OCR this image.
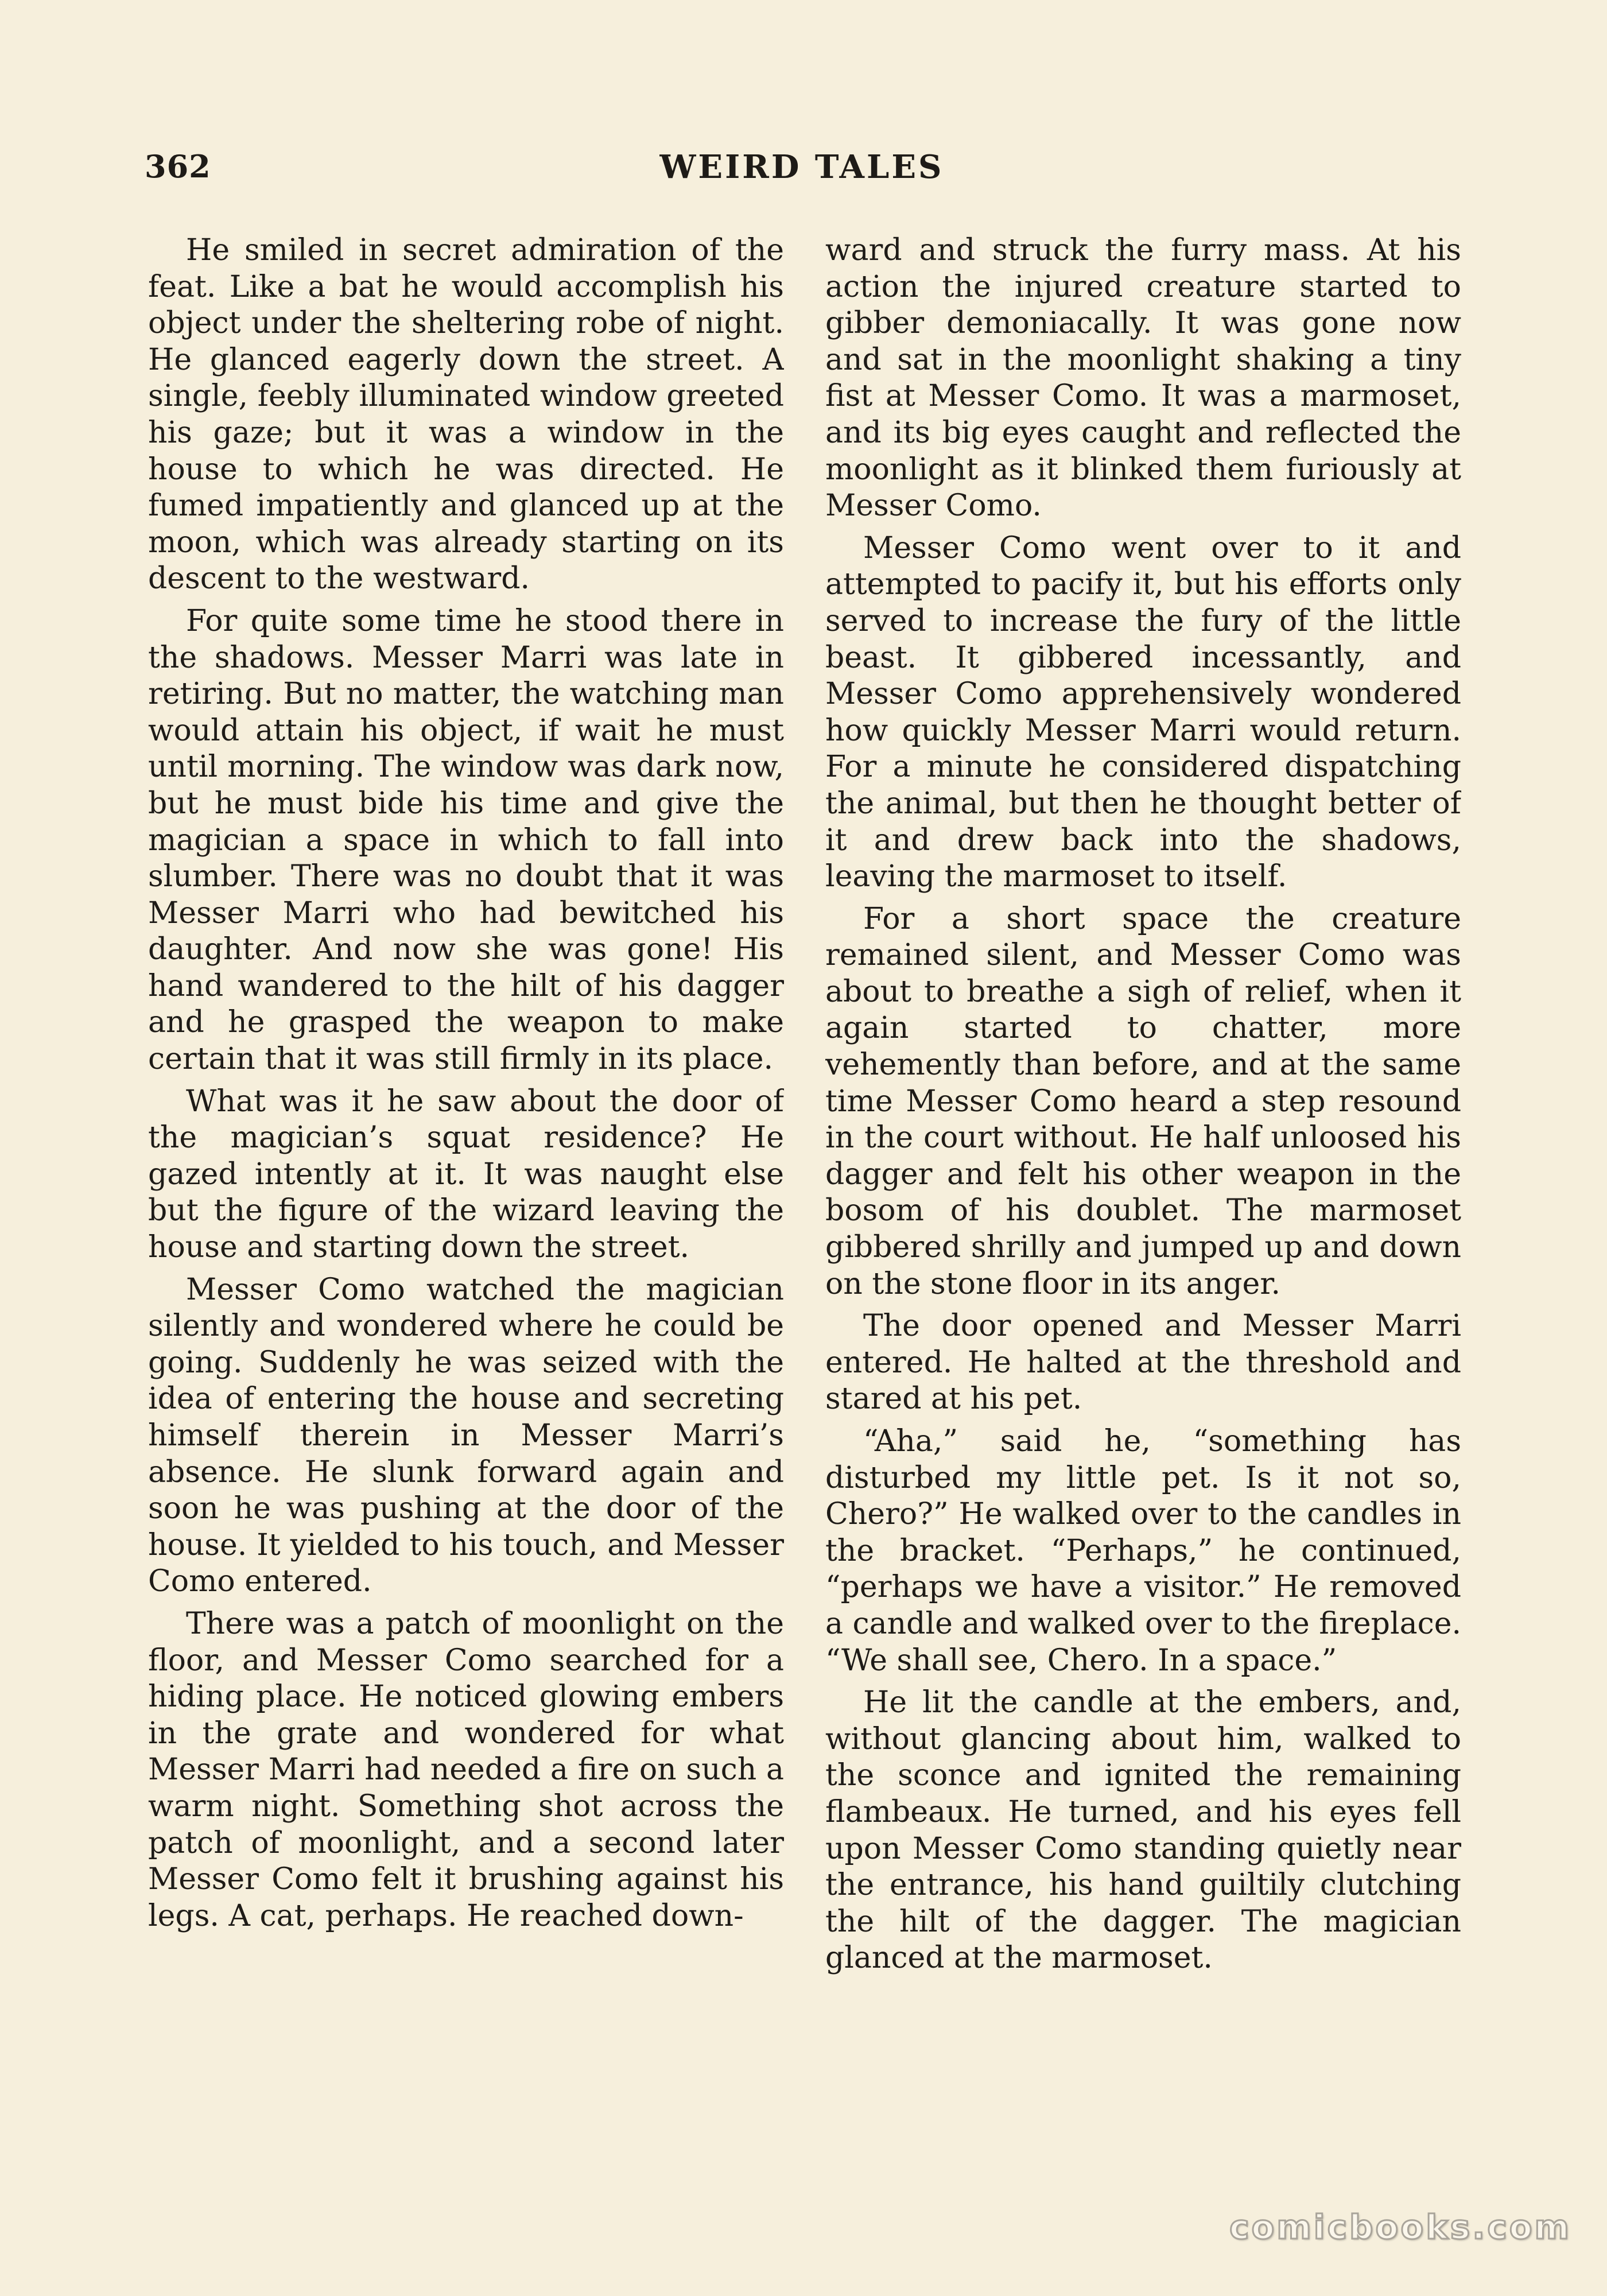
362	WEIRD TALES

He smiled in secret admiration of the feat. Like a bat he would accomplish his object under the sheltering robe of night. He glanced eagerly down the street. A single, feebly illuminated window greeted his gaze; but it was a window in the house to which he was directed. He fumed impatiently and glanced up at the moon, which was already starting on its descent to the westward.

For quite some time he stood there in the shadows. Messer Marri was late in retiring. But no matter, the watching man would attain his object, if wait he must until morning. The window was dark now, but he must bide his time and give the magician a space in which to fall into slumber. There was no doubt that it was Messer Marri who had bewitched his daughter. And now she was gone! His hand wandered to the hilt of his dagger and he grasped the weapon to make certain that it was still firmly in its place.

What was it he saw about the door of the magician’s squat residence? He gazed intently at it. It was naught else but the figure of the wizard leaving the house and starting down the street.

Messer Como watched the magician silently and wondered where he could be going. Suddenly he was seized with the idea of entering the house and secreting himself therein in Messer Marri’s absence. He slunk forward again and soon he was pushing at the door of the house. It yielded to his touch, and Messer Como entered.

There was a patch of moonlight on the floor, and Messer Como searched for a hiding place. He noticed glowing embers in the grate and wondered for what Messer Marri had needed a fire on such a warm night. Something shot across the patch of moonlight, and a second later Messer Como felt it brushing against his legs. A cat, perhaps. He reached down-

ward and struck the furry mass. At his action the injured creature started to gibber demoniacally. It was gone now and sat in the moonlight shaking a tiny fist at Messer Como. It was a marmoset, and its big eyes caught and reflected the moonlight as it blinked them furiously at Messer Como.

Messer Como went over to it and attempted to pacify it, but his efforts only served to increase the fury of the little beast. It gibbered incessantly, and Messer Como apprehensively wondered how quickly Messer Marri would return. For a minute he considered dispatching the animal, but then he thought better of it and drew back into the shadows, leaving the marmoset to itself.

For a short space the creature remained silent, and Messer Como was about to breathe a sigh of relief, when it again started to chatter, more vehemently than before, and at the same time Messer Como heard a step resound in the court without. He half unloosed his dagger and felt his other weapon in the bosom of his doublet. The marmoset gibbered shrilly and jumped up and down on the stone floor in its anger.

The door opened and Messer Marri entered. He halted at the threshold and stared at his pet.

“Aha,” said he, “something has disturbed my little pet. Is it not so, Chero?” He walked over to the candles in the bracket. “Perhaps,” he continued, “perhaps we have a visitor.” He removed a candle and walked over to the fireplace. “We shall see, Chero. In a space.”

He lit the candle at the embers, and, without glancing about him, walked to the sconce and ignited the remaining flambeaux. He turned, and his eyes fell upon Messer Como standing quietly near the entrance, his hand guiltily clutching the hilt of the dagger. The magician glanced at the marmoset.

comicbooks.com
